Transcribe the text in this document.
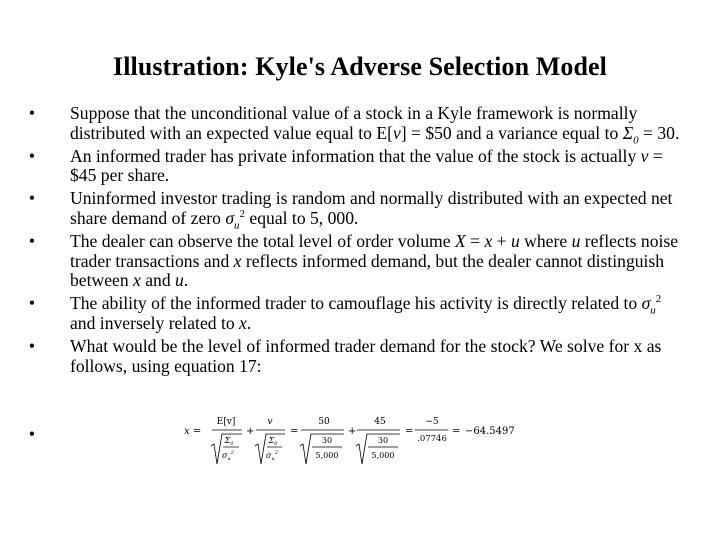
Illustration: Kyle's Adverse Selection Model
• Suppose that the unconditional value of a stock in a Kyle framework is normally distributed with an expected value equal to E[v] = $50 and a variance equal to $\Sigma_0 = 30$.
• An informed trader has private information that the value of the stock is actually v = $45 per share.
• Uninformed investor trading is random and normally distributed with an expected net share demand of zero $\sigma_u^2$ equal to 5, 000.
• The dealer can observe the total level of order volume X = x + u where u reflects noise trader transactions and x reflects informed demand, but the dealer cannot distinguish between x and u.
• The ability of the informed trader to camouflage his activity is directly related to $\sigma_u^2$ and inversely related to x.
• What would be the level of informed trader demand for the stock? We solve for x as follows, using equation 17:
•	x =
E[v]
$\Sigma_0$
$\sigma_u^2$
+
v
$\Sigma_0$
$\sigma_u^2$
=
50
30
5,000
+
45
30
5,000
=
−5
.07746
= −64.5497
